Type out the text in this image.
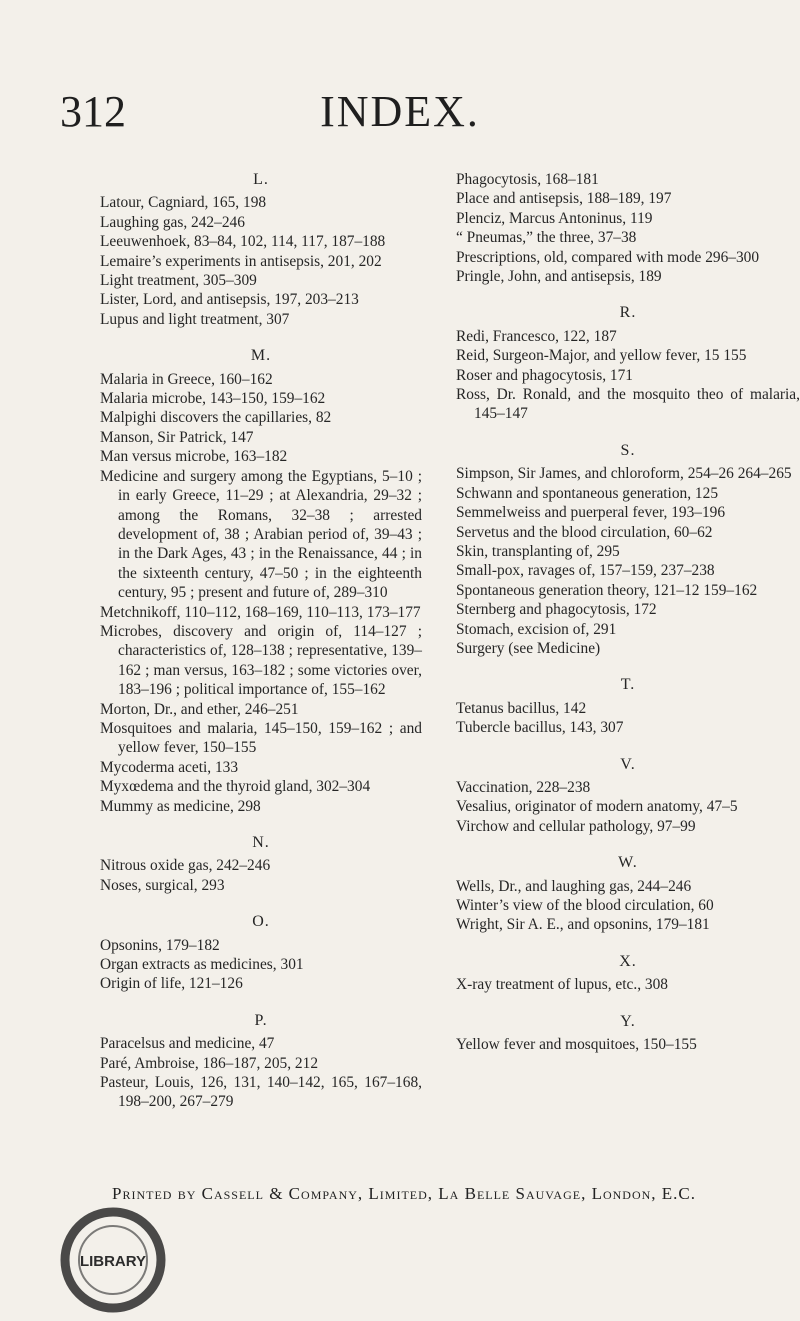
312	INDEX.
L.
Latour, Cagniard, 165, 198
Laughing gas, 242–246
Leeuwenhoek, 83–84, 102, 114, 117, 187–188
Lemaire’s experiments in antisepsis, 201, 202
Light treatment, 305–309
Lister, Lord, and antisepsis, 197, 203–213
Lupus and light treatment, 307
M.
Malaria in Greece, 160–162
Malaria microbe, 143–150, 159–162
Malpighi discovers the capillaries, 82
Manson, Sir Patrick, 147
Man versus microbe, 163–182
Medicine and surgery among the Egyptians, 5–10 ; in early Greece, 11–29 ; at Alexandria, 29–32 ; among the Romans, 32–38 ; arrested development of, 38 ; Arabian period of, 39–43 ; in the Dark Ages, 43 ; in the Renaissance, 44 ; in the sixteenth century, 47–50 ; in the eighteenth century, 95 ; present and future of, 289–310
Metchnikoff, 110–112, 168–169, 110–113, 173–177
Microbes, discovery and origin of, 114–127 ; characteristics of, 128–138 ; representative, 139–162 ; man versus, 163–182 ; some victories over, 183–196 ; political importance of, 155–162
Morton, Dr., and ether, 246–251
Mosquitoes and malaria, 145–150, 159–162 ; and yellow fever, 150–155
Mycoderma aceti, 133
Myxœdema and the thyroid gland, 302–304
Mummy as medicine, 298
N.
Nitrous oxide gas, 242–246
Noses, surgical, 293
O.
Opsonins, 179–182
Organ extracts as medicines, 301
Origin of life, 121–126
P.
Paracelsus and medicine, 47
Paré, Ambroise, 186–187, 205, 212
Pasteur, Louis, 126, 131, 140–142, 165, 167–168, 198–200, 267–279
Phagocytosis, 168–181
Place and antisepsis, 188–189, 197
Plenciz, Marcus Antoninus, 119
“ Pneumas,” the three, 37–38
Prescriptions, old, compared with mode 296–300
Pringle, John, and antisepsis, 189
R.
Redi, Francesco, 122, 187
Reid, Surgeon-Major, and yellow fever, 15 155
Roser and phagocytosis, 171
Ross, Dr. Ronald, and the mosquito theo of malaria, 145–147
S.
Simpson, Sir James, and chloroform, 254–26 264–265
Schwann and spontaneous generation, 125
Semmelweiss and puerperal fever, 193–196
Servetus and the blood circulation, 60–62
Skin, transplanting of, 295
Small-pox, ravages of, 157–159, 237–238
Spontaneous generation theory, 121–12 159–162
Sternberg and phagocytosis, 172
Stomach, excision of, 291
Surgery (see Medicine)
T.
Tetanus bacillus, 142
Tubercle bacillus, 143, 307
V.
Vaccination, 228–238
Vesalius, originator of modern anatomy, 47–5
Virchow and cellular pathology, 97–99
W.
Wells, Dr., and laughing gas, 244–246
Winter’s view of the blood circulation, 60
Wright, Sir A. E., and opsonins, 179–181
X.
X-ray treatment of lupus, etc., 308
Y.
Yellow fever and mosquitoes, 150–155
Printed by Cassell & Company, Limited, La Belle Sauvage, London, E.C.
LIBRARY
